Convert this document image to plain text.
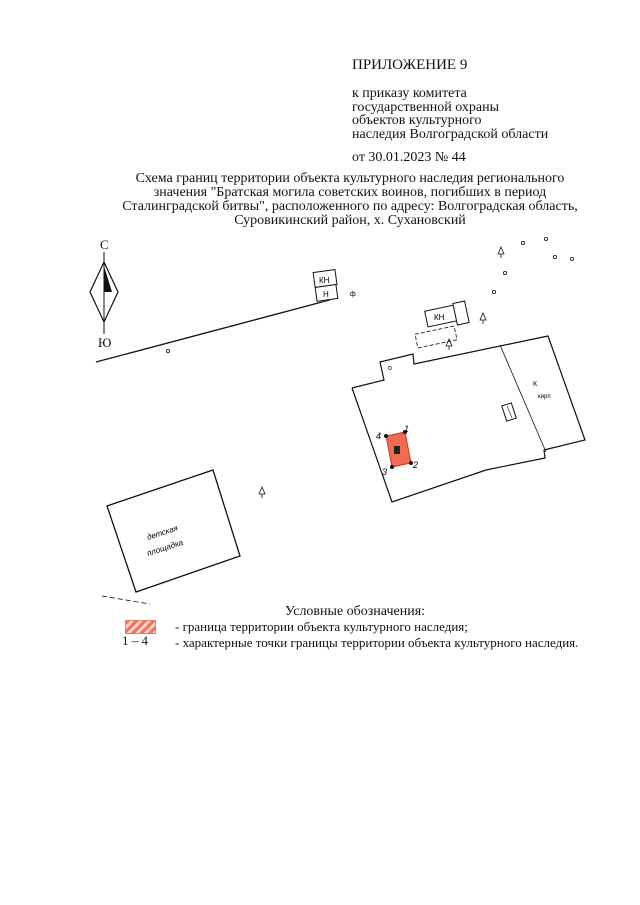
ПРИЛОЖЕНИЕ 9
к приказу комитета
государственной охраны
объектов культурного
наследия Волгоградской области
от 30.01.2023 № 44
Схема границ территории объекта культурного наследия регионального
значения "Братская могила советских воинов, погибших в период
Сталинградской битвы", расположенного по адресу: Волгоградская область,
Суровикинский район, х. Сухановский
С
Ю
КН
Н	ф
КН
К
кирп
о
1
2
3
4
детская
площадка
Условные обозначения:
- граница территории объекта культурного наследия;
1 – 4 - характерные точки границы территории объекта культурного наследия.
